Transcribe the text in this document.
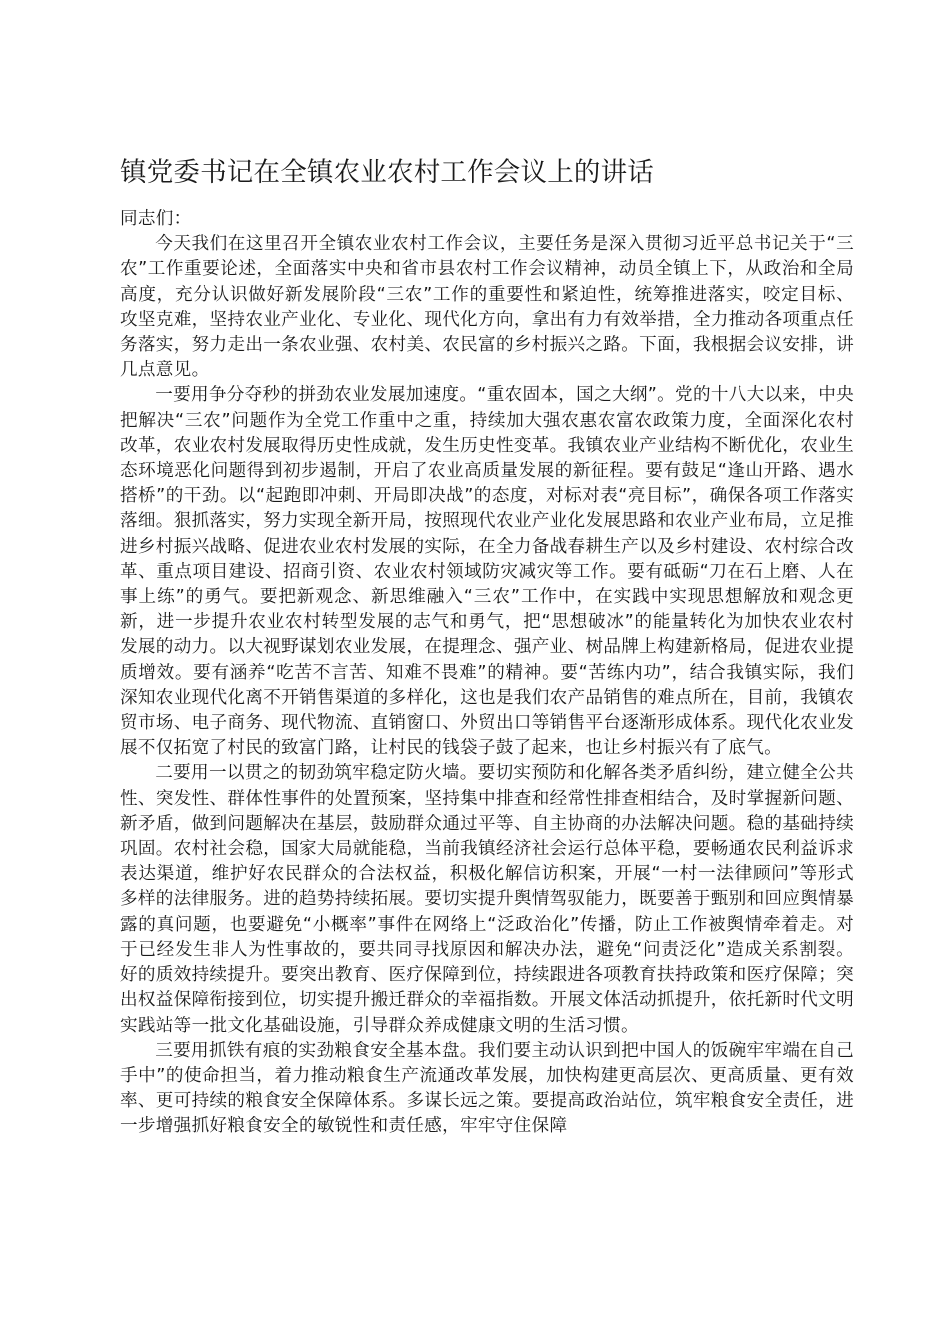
镇党委书记在全镇农业农村工作会议上的讲话

同志们：

今天我们在这里召开全镇农业农村工作会议，主要任务是深入贯彻习近平总书记关于“三农”工作重要论述，全面落实中央和省市县农村工作会议精神，动员全镇上下，从政治和全局高度，充分认识做好新发展阶段“三农”工作的重要性和紧迫性，统筹推进落实，咬定目标、攻坚克难，坚持农业产业化、专业化、现代化方向，拿出有力有效举措，全力推动各项重点任务落实，努力走出一条农业强、农村美、农民富的乡村振兴之路。下面，我根据会议安排，讲几点意见。

一要用争分夺秒的拼劲农业发展加速度。“重农固本，国之大纲”。党的十八大以来，中央把解决“三农”问题作为全党工作重中之重，持续加大强农惠农富农政策力度，全面深化农村改革，农业农村发展取得历史性成就，发生历史性变革。我镇农业产业结构不断优化，农业生态环境恶化问题得到初步遏制，开启了农业高质量发展的新征程。要有鼓足“逢山开路、遇水搭桥”的干劲。以“起跑即冲刺、开局即决战”的态度，对标对表“亮目标”，确保各项工作落实落细。狠抓落实，努力实现全新开局，按照现代农业产业化发展思路和农业产业布局，立足推进乡村振兴战略、促进农业农村发展的实际，在全力备战春耕生产以及乡村建设、农村综合改革、重点项目建设、招商引资、农业农村领域防灾减灾等工作。要有砥砺“刀在石上磨、人在事上练”的勇气。要把新观念、新思维融入“三农”工作中，在实践中实现思想解放和观念更新，进一步提升农业农村转型发展的志气和勇气，把“思想破冰”的能量转化为加快农业农村发展的动力。以大视野谋划农业发展，在提理念、强产业、树品牌上构建新格局，促进农业提质增效。要有涵养“吃苦不言苦、知难不畏难”的精神。要“苦练内功”，结合我镇实际，我们深知农业现代化离不开销售渠道的多样化，这也是我们农产品销售的难点所在，目前，我镇农贸市场、电子商务、现代物流、直销窗口、外贸出口等销售平台逐渐形成体系。现代化农业发展不仅拓宽了村民的致富门路，让村民的钱袋子鼓了起来，也让乡村振兴有了底气。

二要用一以贯之的韧劲筑牢稳定防火墙。要切实预防和化解各类矛盾纠纷，建立健全公共性、突发性、群体性事件的处置预案，坚持集中排查和经常性排查相结合，及时掌握新问题、新矛盾，做到问题解决在基层，鼓励群众通过平等、自主协商的办法解决问题。稳的基础持续巩固。农村社会稳，国家大局就能稳，当前我镇经济社会运行总体平稳，要畅通农民利益诉求表达渠道，维护好农民群众的合法权益，积极化解信访积案，开展“一村一法律顾问”等形式多样的法律服务。进的趋势持续拓展。要切实提升舆情驾驭能力，既要善于甄别和回应舆情暴露的真问题，也要避免“小概率”事件在网络上“泛政治化”传播，防止工作被舆情牵着走。对于已经发生非人为性事故的，要共同寻找原因和解决办法，避免“问责泛化”造成关系割裂。好的质效持续提升。要突出教育、医疗保障到位，持续跟进各项教育扶持政策和医疗保障；突出权益保障衔接到位，切实提升搬迁群众的幸福指数。开展文体活动抓提升，依托新时代文明实践站等一批文化基础设施，引导群众养成健康文明的生活习惯。

三要用抓铁有痕的实劲粮食安全基本盘。我们要主动认识到把中国人的饭碗牢牢端在自己手中”的使命担当，着力推动粮食生产流通改革发展，加快构建更高层次、更高质量、更有效率、更可持续的粮食安全保障体系。多谋长远之策。要提高政治站位，筑牢粮食安全责任，进一步增强抓好粮食安全的敏锐性和责任感，牢牢守住保障
